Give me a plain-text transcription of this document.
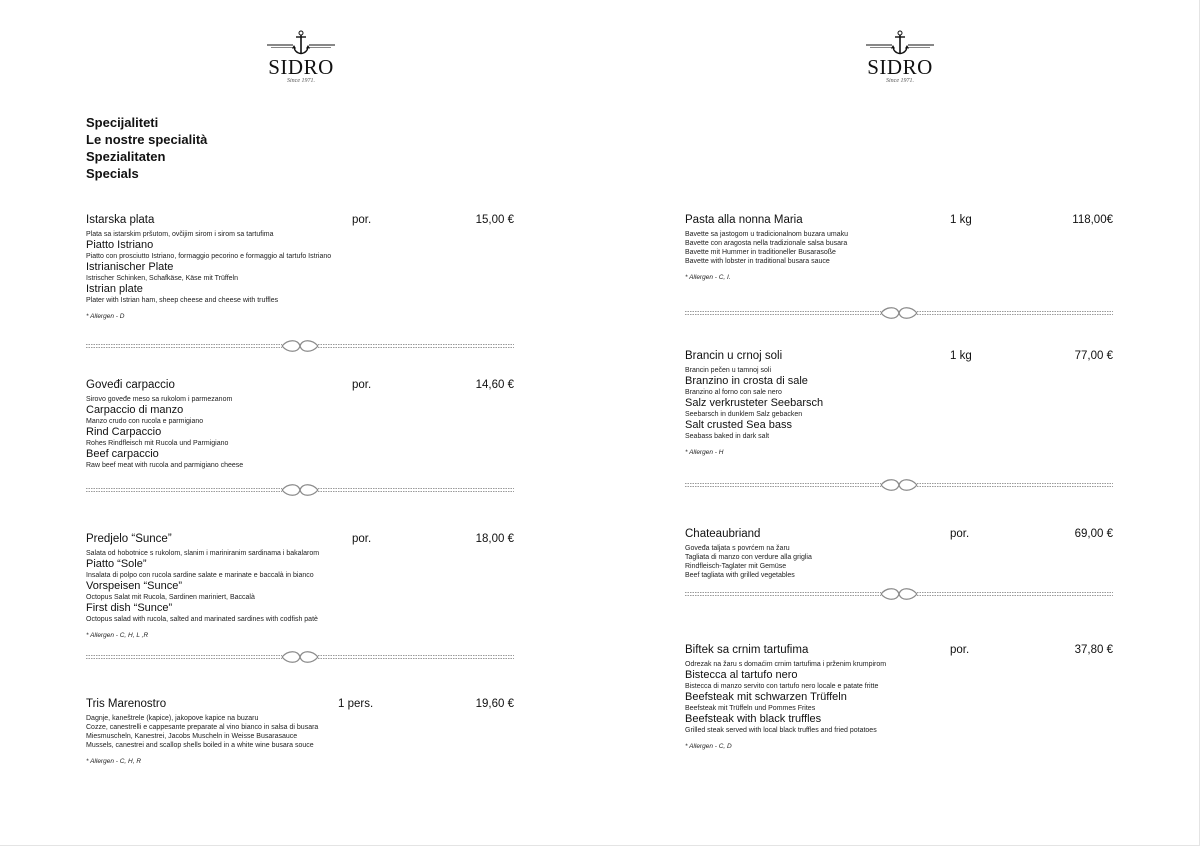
SIDRO
Since 1971.
SIDRO
Since 1971.
Specijaliteti
Le nostre specialità
Spezialitaten
Specials
Istarska plata	por.	15,00 €
Plata sa istarskim pršutom, ovčijim sirom i sirom sa tartufima
Piatto Istriano
Piatto con prosciutto Istriano, formaggio pecorino e formaggio al tartufo Istriano
Istrianischer Plate
Istrischer Schinken, Schafkäse, Käse mit Trüffeln
Istrian plate
Plater with Istrian ham, sheep cheese and cheese with truffles
* Allergen - D
Goveđi carpaccio	por.	14,60 €
Sirovo goveđe meso sa rukolom i parmezanom
Carpaccio di manzo
Manzo crudo con rucola e parmigiano
Rind Carpaccio
Rohes Rindfleisch mit Rucola und Parmigiano
Beef carpaccio
Raw beef meat with rucola and parmigiano cheese
Predjelo “Sunce”	por.	18,00 €
Salata od hobotnice s rukolom, slanim i mariniranim sardinama i bakalarom
Piatto “Sole”
Insalata di polpo con rucola sardine salate e marinate e baccalà in bianco
Vorspeisen “Sunce”
Octopus Salat mit Rucola, Sardinen mariniert, Baccalà
First dish “Sunce”
Octopus salad with rucola, salted and marinated sardines with codfish patè
* Allergen - C, H, L ,R
Tris Marenostro	1 pers.	19,60 €
Dagnje, kaneštrele (kapice), jakopove kapice na buzaru
Cozze, canestrelli e cappesante preparate al vino bianco in salsa di busara
Miesmuscheln, Kanestrei, Jacobs Muscheln in Weisse Busarasauce
Mussels, canestrei and scallop shells boiled in a white wine busara souce
* Allergen - C, H, R
Pasta alla nonna Maria	1 kg	118,00€
Bavette sa jastogom u tradicionalnom buzara umaku
Bavette con aragosta nella tradizionale salsa busara
Bavette mit Hummer in traditioneller Busarasoße
Bavette with lobster in traditional busara sauce
* Allergen - C, I.
Brancin u crnoj soli	1 kg	77,00 €
Brancin pečen u tamnoj soli
Branzino in crosta di sale
Branzino al forno con sale nero
Salz verkrusteter Seebarsch
Seebarsch in dunklem Salz gebacken
Salt crusted Sea bass
Seabass baked in dark salt
* Allergen - H
Chateaubriand	por.	69,00 €
Goveđa taljata s povrćem na žaru
Tagliata di manzo con verdure alla griglia
Rindfleisch-Taglater mit Gemüse
Beef tagliata with grilled vegetables
Biftek sa crnim tartufima	por.	37,80 €
Odrezak na žaru s domaćim crnim tartufima i prženim krumpirom
Bistecca al tartufo nero
Bistecca di manzo servito con tartufo nero locale e patate fritte
Beefsteak mit schwarzen Trüffeln
Beefsteak mit Trüffeln und Pommes Frites
Beefsteak with black truffles
Grilled steak served with local black truffles and fried potatoes
* Allergen - C, D
